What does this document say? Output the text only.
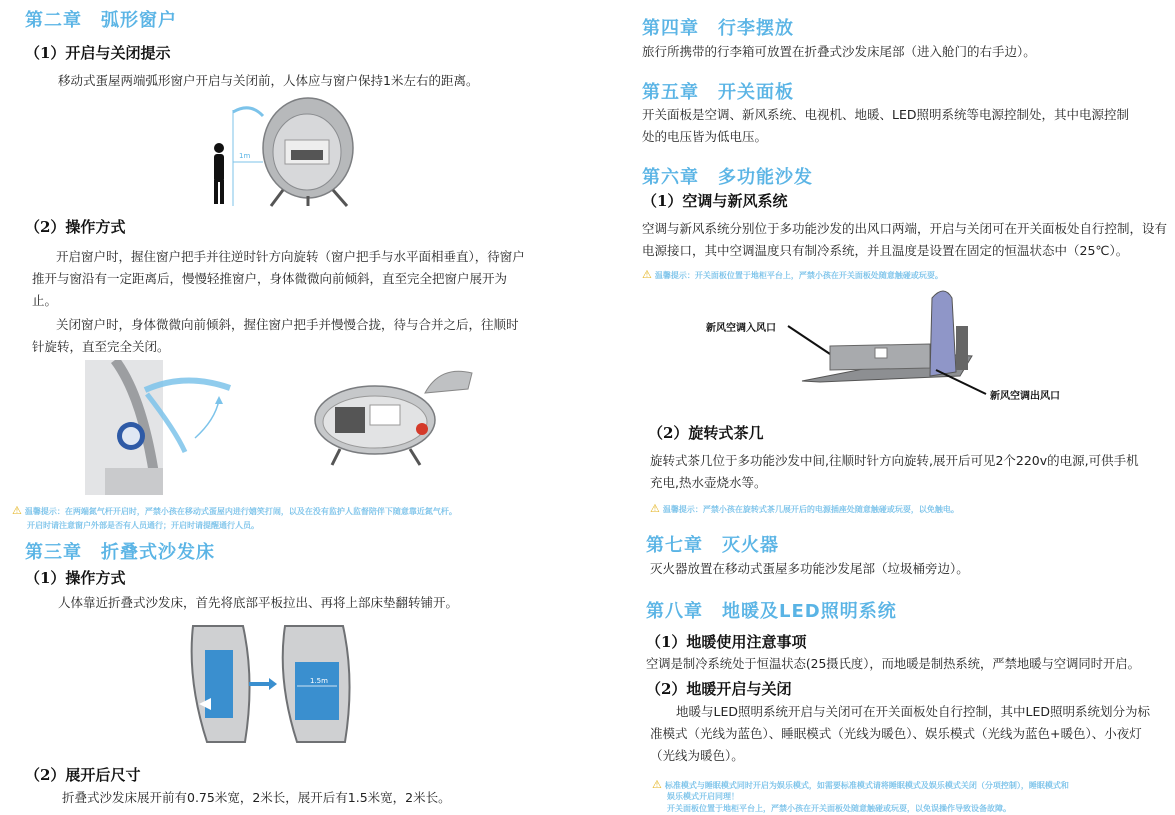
第二章　弧形窗户
（1）开启与关闭提示
移动式蛋屋两端弧形窗户开启与关闭前，人体应与窗户保持1米左右的距离。
1m
（2）操作方式
开启窗户时，握住窗户把手并往逆时针方向旋转（窗户把手与水平面相垂直），待窗户推开与窗沿有一定距离后，慢慢轻推窗户，身体微微向前倾斜，直至完全把窗户展开为止。
关闭窗户时，身体微微向前倾斜，握住窗户把手并慢慢合拢，待与合并之后，往顺时针旋转，直至完全关闭。
⚠ 温馨提示：在两端氮气杆开启时，严禁小孩在移动式蛋屋内进行嬉笑打闹，以及在没有监护人监督陪伴下随意靠近氮气杆。
开启时请注意窗户外部是否有人员通行；开启时请提醒通行人员。
第三章　折叠式沙发床
（1）操作方式
人体靠近折叠式沙发床，首先将底部平板拉出、再将上部床垫翻转铺开。
1.5m
（2）展开后尺寸
折叠式沙发床展开前有0.75米宽，2米长，展开后有1.5米宽，2米长。
第四章　行李摆放
旅行所携带的行李箱可放置在折叠式沙发床尾部（进入舱门的右手边）。
第五章　开关面板
开关面板是空调、新风系统、电视机、地暖、LED照明系统等电源控制处，其中电源控制处的电压皆为低电压。
第六章　多功能沙发
（1）空调与新风系统
空调与新风系统分别位于多功能沙发的出风口两端，开启与关闭可在开关面板处自行控制，设有电源接口，其中空调温度只有制冷系统，并且温度是设置在固定的恒温状态中（25℃）。
⚠ 温馨提示：开关面板位置于地柜平台上，严禁小孩在开关面板处随意触碰或玩耍。
新风空调入风口
新风空调出风口
（2）旋转式茶几
旋转式茶几位于多功能沙发中间,往顺时针方向旋转,展开后可见2个220v的电源,可供手机充电,热水壶烧水等。
⚠ 温馨提示：严禁小孩在旋转式茶几展开后的电源插座处随意触碰或玩耍，以免触电。
第七章　灭火器
灭火器放置在移动式蛋屋多功能沙发尾部（垃圾桶旁边）。
第八章　地暖及LED照明系统
（1）地暖使用注意事项
空调是制冷系统处于恒温状态(25摄氏度），而地暖是制热系统，严禁地暖与空调同时开启。
（2）地暖开启与关闭
地暖与LED照明系统开启与关闭可在开关面板处自行控制，其中LED照明系统划分为标准模式（光线为蓝色）、睡眠模式（光线为暖色）、娱乐模式（光线为蓝色+暖色）、小夜灯（光线为暖色）。
⚠ 标准模式与睡眠模式同时开启为娱乐模式，如需要标准模式请将睡眠模式及娱乐模式关闭（分项控制），睡眠模式和
娱乐模式开启同理！
开关面板位置于地柜平台上，严禁小孩在开关面板处随意触碰或玩耍，以免误操作导致设备故障。
